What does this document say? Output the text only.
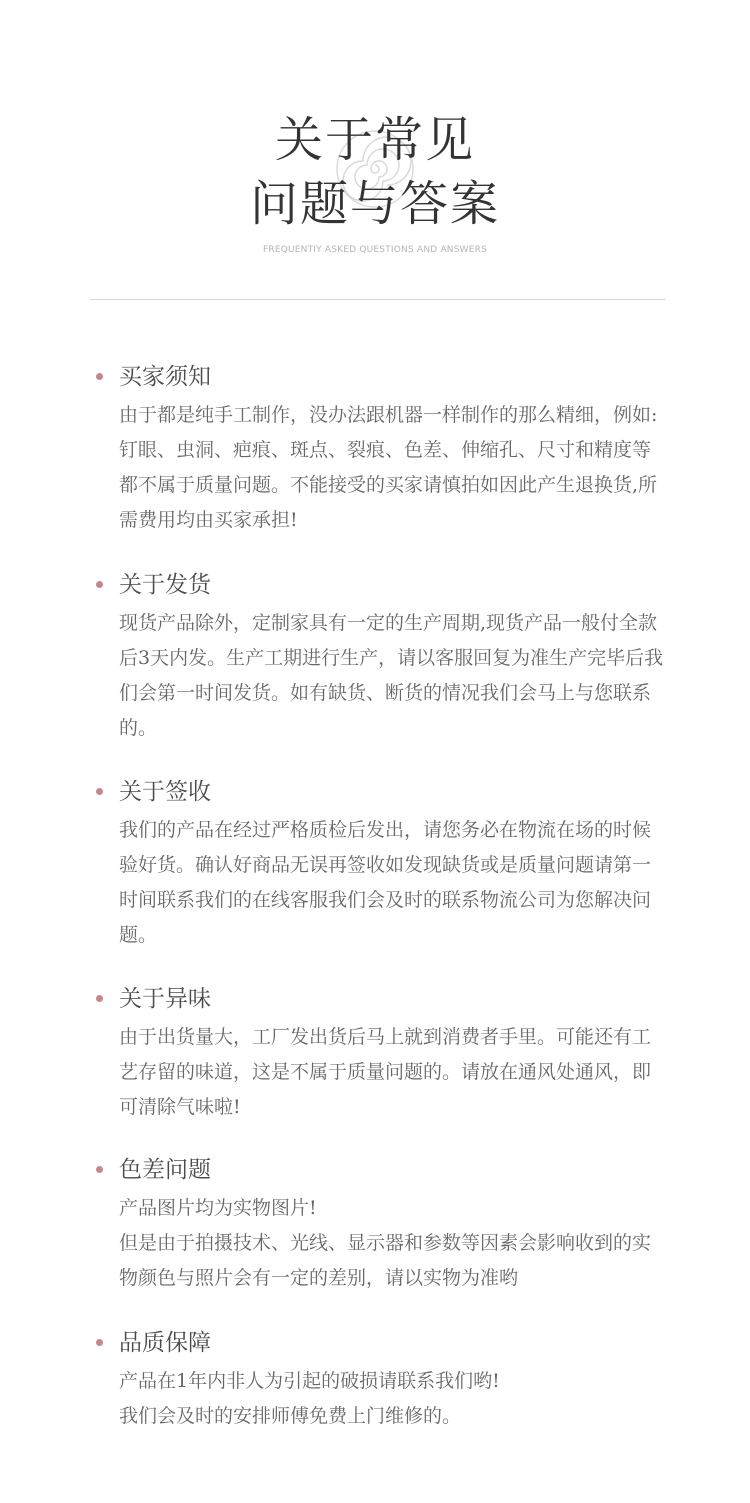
关于常见
问题与答案
FREQUENTIY ASKED QUESTIONS AND ANSWERS
买家须知

由于都是纯手工制作，没办法跟机器一样制作的那么精细，例如:钉眼、虫洞、疤痕、斑点、裂痕、色差、伸缩孔、尺寸和精度等都不属于质量问题。不能接受的买家请慎拍如因此产生退换货,所需费用均由买家承担!

关于发货

现货产品除外，定制家具有一定的生产周期,现货产品一般付全款后3天内发。生产工期进行生产，请以客服回复为准生产完毕后我们会第一时间发货。如有缺货、断货的情况我们会马上与您联系的。

关于签收

我们的产品在经过严格质检后发出，请您务必在物流在场的时候验好货。确认好商品无误再签收如发现缺货或是质量问题请第一时间联系我们的在线客服我们会及时的联系物流公司为您解决问题。

关于异味

由于出货量大，工厂发出货后马上就到消费者手里。可能还有工艺存留的味道，这是不属于质量问题的。请放在通风处通风，即可清除气味啦!

色差问题

产品图片均为实物图片!

但是由于拍摄技术、光线、显示器和参数等因素会影响收到的实物颜色与照片会有一定的差别，请以实物为准哟

品质保障

产品在1年内非人为引起的破损请联系我们哟!

我们会及时的安排师傅免费上门维修的。
